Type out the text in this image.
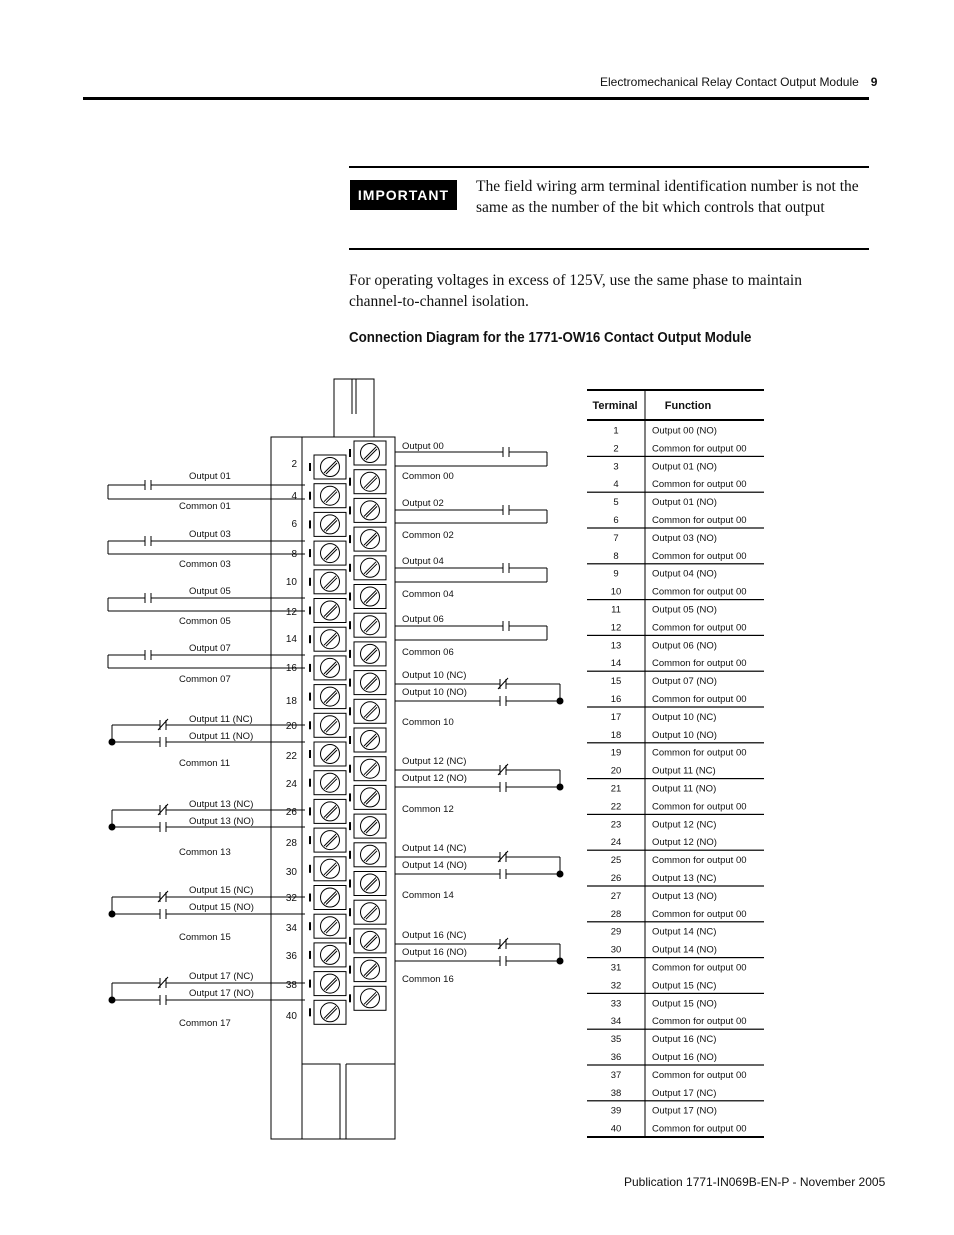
Electromechanical Relay Contact Output Module 9
IMPORTANT	The field wiring arm terminal identification number is not the same as the number of the bit which controls that output
For operating voltages in excess of 125V, use the same phase to maintain channel-to-channel isolation.
Connection Diagram for the 1771-OW16 Contact Output Module
2
4
6
8
10
12
14
16
18
20
22
24
26
28
30
32
34
36
38
40
Output 01
Common 01
Output 03
Common 03
Output 05
Common 05
Output 07
Common 07
Output 11 (NC)
Output 11 (NO)
Common 11
Output 13 (NC)
Output 13 (NO)
Common 13
Output 15 (NC)
Output 15 (NO)
Common 15
Output 17 (NC)
Output 17 (NO)
Common 17
Output 00
Common 00
Output 02
Common 02
Output 04
Common 04
Output 06
Common 06
Output 10 (NC)
Output 10 (NO)
Common 10
Output 12 (NC)
Output 12 (NO)
Common 12
Output 14 (NC)
Output 14 (NO)
Common 14
Output 16 (NC)
Output 16 (NO)
Common 16
Terminal Function
1	Output 00 (NO)
2	Common for output 00
3	Output 01 (NO)
4	Common for output 00
5	Output 01 (NO)
6	Common for output 00
7	Output 03 (NO)
8	Common for output 00
9	Output 04 (NO)
10	Common for output 00
11	Output 05 (NO)
12	Common for output 00
13	Output 06 (NO)
14	Common for output 00
15	Output 07 (NO)
16	Common for output 00
17	Output 10 (NC)
18	Output 10 (NO)
19	Common for output 00
20	Output 11 (NC)
21	Output 11 (NO)
22	Common for output 00
23	Output 12 (NC)
24	Output 12 (NO)
25	Common for output 00
26	Output 13 (NC)
27	Output 13 (NO)
28	Common for output 00
29	Output 14 (NC)
30	Output 14 (NO)
31	Common for output 00
32	Output 15 (NC)
33	Output 15 (NO)
34	Common for output 00
35	Output 16 (NC)
36	Output 16 (NO)
37	Common for output 00
38	Output 17 (NC)
39	Output 17 (NO)
40	Common for output 00
Publication 1771-IN069B-EN-P - November 2005
